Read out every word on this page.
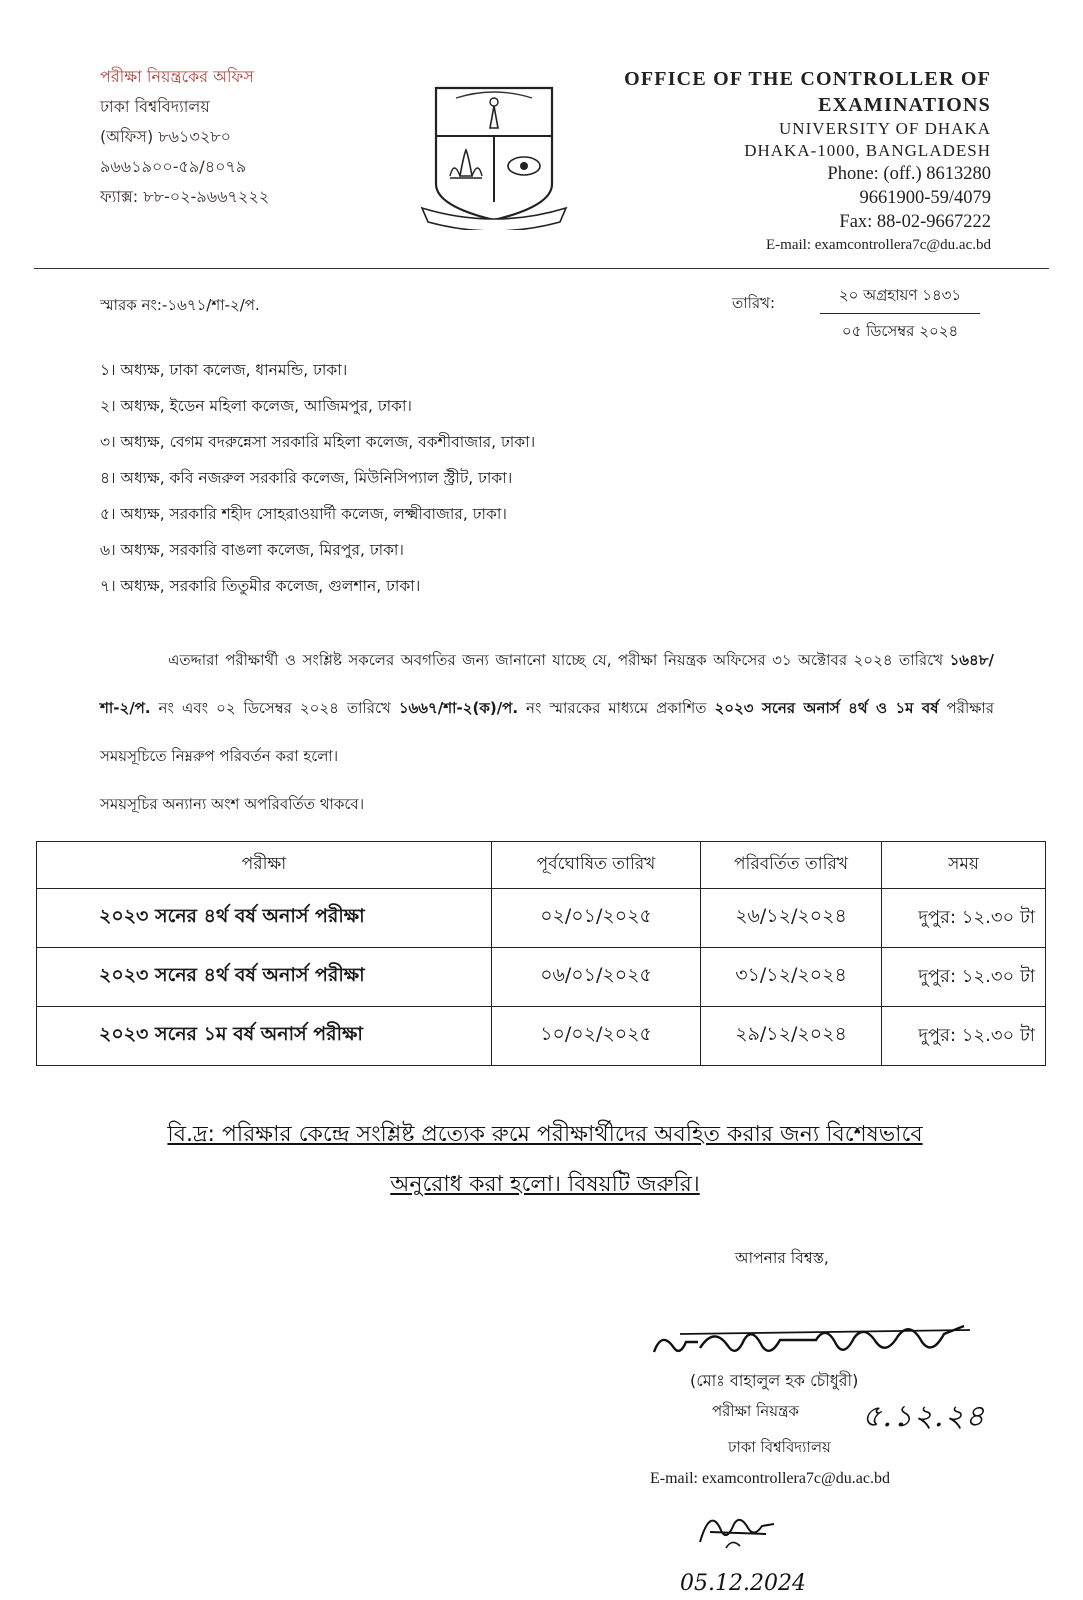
পরীক্ষা নিয়ন্ত্রকের অফিস
ঢাকা বিশ্ববিদ্যালয়
(অফিস) ৮৬১৩২৮০
৯৬৬১৯০০-৫৯/৪০৭৯
ফ্যাক্স: ৮৮-০২-৯৬৬৭২২২
OFFICE OF THE CONTROLLER OF
EXAMINATIONS
UNIVERSITY OF DHAKA
DHAKA-1000, BANGLADESH
Phone: (off.) 8613280
9661900-59/4079
Fax: 88-02-9667222
E-mail: examcontrollera7c@du.ac.bd
স্মারক নং:-১৬৭১/শা-২/প.	তারিখ:	২০ অগ্রহায়ণ ১৪৩১
০৫ ডিসেম্বর ২০২৪
১। অধ্যক্ষ, ঢাকা কলেজ, ধানমন্ডি, ঢাকা।
২। অধ্যক্ষ, ইডেন মহিলা কলেজ, আজিমপুর, ঢাকা।
৩। অধ্যক্ষ, বেগম বদরুন্নেসা সরকারি মহিলা কলেজ, বকশীবাজার, ঢাকা।
৪। অধ্যক্ষ, কবি নজরুল সরকারি কলেজ, মিউনিসিপ্যাল স্ট্রীট, ঢাকা।
৫। অধ্যক্ষ, সরকারি শহীদ সোহরাওয়ার্দী কলেজ, লক্ষ্মীবাজার, ঢাকা।
৬। অধ্যক্ষ, সরকারি বাঙলা কলেজ, মিরপুর, ঢাকা।
৭। অধ্যক্ষ, সরকারি তিতুমীর কলেজ, গুলশান, ঢাকা।
এতদ্দারা পরীক্ষার্থী ও সংশ্লিষ্ট সকলের অবগতির জন্য জানানো যাচ্ছে যে, পরীক্ষা নিয়ন্ত্রক অফিসের ৩১ অক্টোবর ২০২৪ তারিখে ১৬৪৮/শা-২/প. নং এবং ০২ ডিসেম্বর ২০২৪ তারিখে ১৬৬৭/শা-২(ক)/প. নং স্মারকের মাধ্যমে প্রকাশিত ২০২৩ সনের অনার্স ৪র্থ ও ১ম বর্ষ পরীক্ষার সময়সূচিতে নিম্নরুপ পরিবর্তন করা হলো।
সময়সূচির অন্যান্য অংশ অপরিবর্তিত থাকবে।
পরীক্ষা	পূর্বঘোষিত তারিখ	পরিবর্তিত তারিখ	সময়
২০২৩ সনের ৪র্থ বর্ষ অনার্স পরীক্ষা	০২/০১/২০২৫	২৬/১২/২০২৪	দুপুর: ১২.৩০ টা
২০২৩ সনের ৪র্থ বর্ষ অনার্স পরীক্ষা	০৬/০১/২০২৫	৩১/১২/২০২৪	দুপুর: ১২.৩০ টা
২০২৩ সনের ১ম বর্ষ অনার্স পরীক্ষা	১০/০২/২০২৫	২৯/১২/২০২৪	দুপুর: ১২.৩০ টা
বি.দ্র: পরিক্ষার কেন্দ্রে সংশ্লিষ্ট প্রত্যেক রুমে পরীক্ষার্থীদের অবহিত করার জন্য বিশেষভাবে
অনুরোধ করা হলো। বিষয়টি জরুরি।
আপনার বিশ্বস্ত,
(মোঃ বাহালুল হক চৌধুরী)
পরীক্ষা নিয়ন্ত্রক ৫.১২.২৪
ঢাকা বিশ্ববিদ্যালয়
E-mail: examcontrollera7c@du.ac.bd
05.12.2024
